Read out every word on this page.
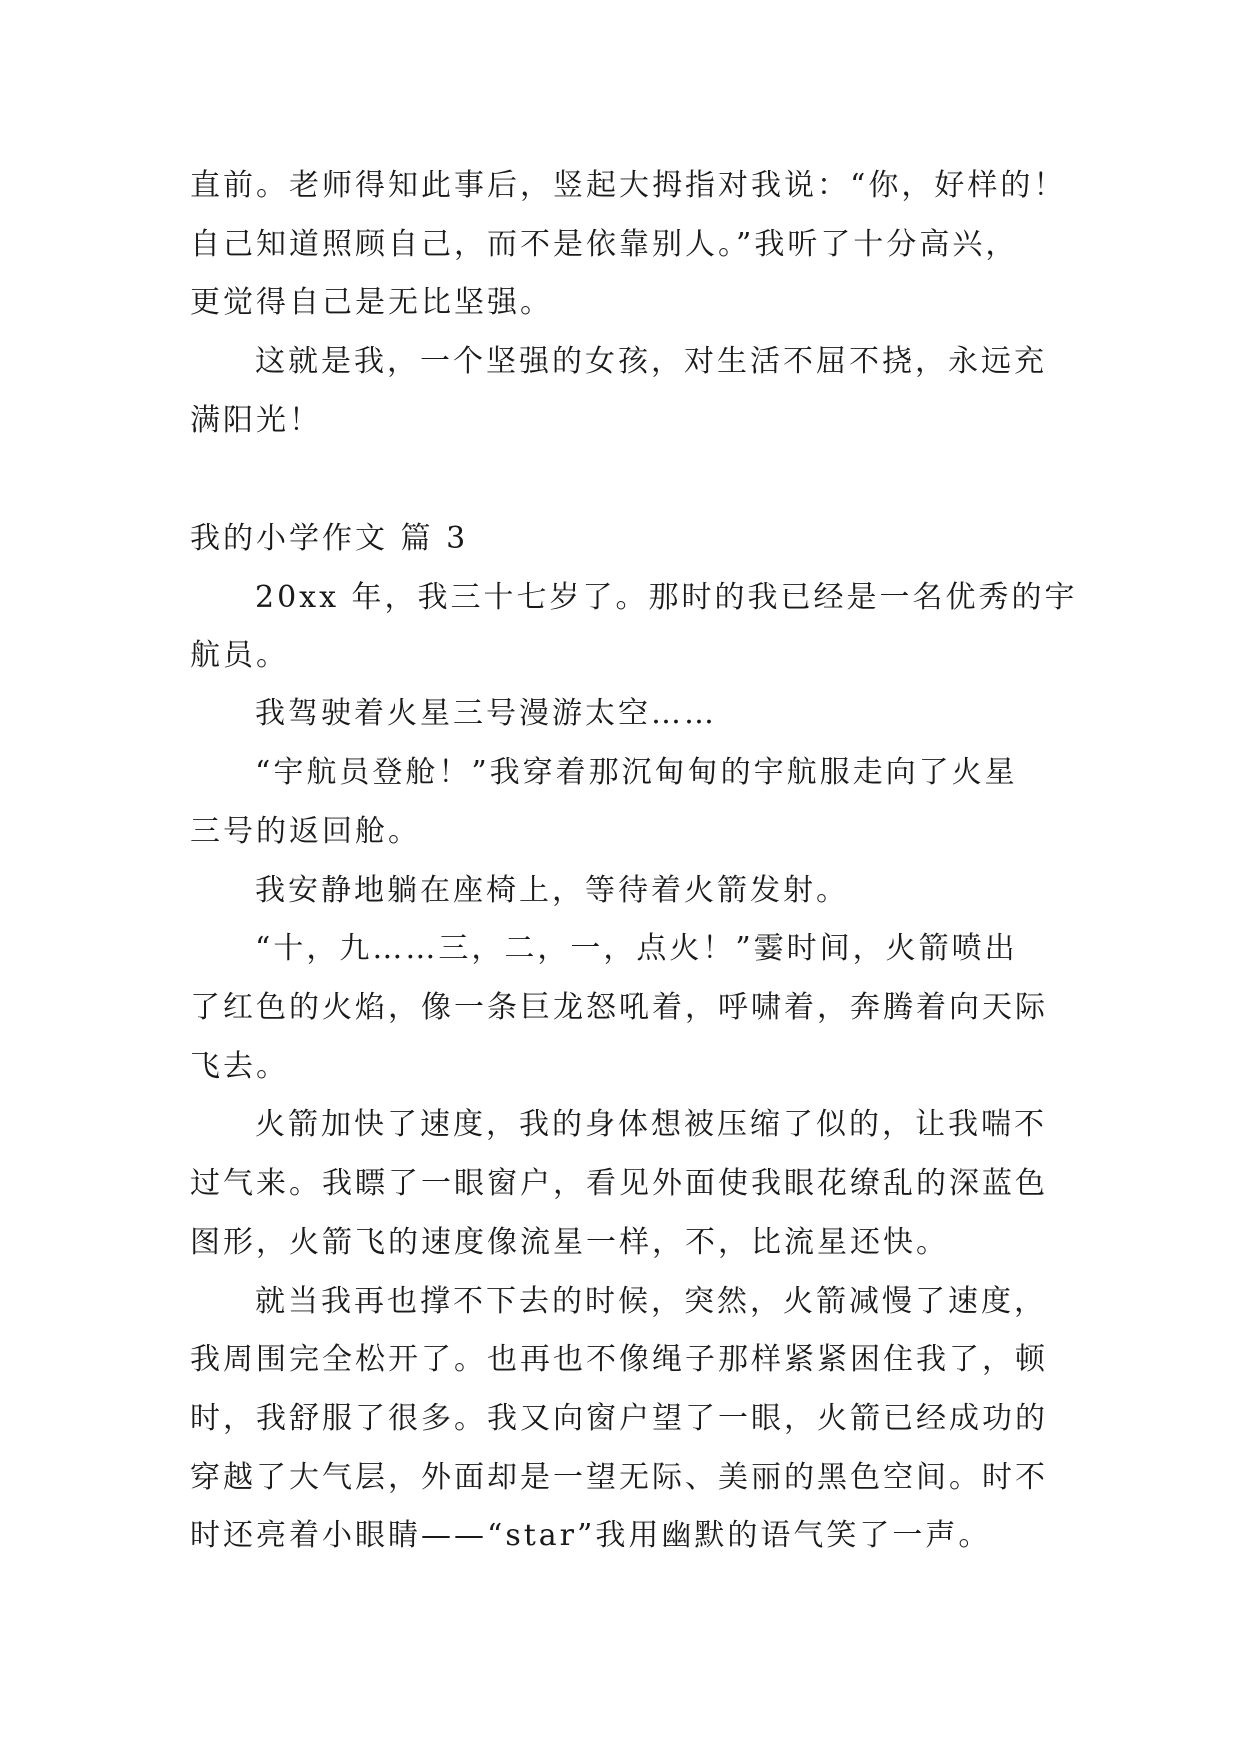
直前。老师得知此事后，竖起大拇指对我说：“你，好样的！
自己知道照顾自己，而不是依靠别人。”我听了十分高兴，
更觉得自己是无比坚强。
这就是我，一个坚强的女孩，对生活不屈不挠，永远充
满阳光！
我的小学作文 篇 3
20xx 年，我三十七岁了。那时的我已经是一名优秀的宇
航员。
我驾驶着火星三号漫游太空……
“宇航员登舱！”我穿着那沉甸甸的宇航服走向了火星
三号的返回舱。
我安静地躺在座椅上，等待着火箭发射。
“十，九……三，二，一，点火！”霎时间，火箭喷出
了红色的火焰，像一条巨龙怒吼着，呼啸着，奔腾着向天际
飞去。
火箭加快了速度，我的身体想被压缩了似的，让我喘不
过气来。我瞟了一眼窗户，看见外面使我眼花缭乱的深蓝色
图形，火箭飞的速度像流星一样，不，比流星还快。
就当我再也撑不下去的时候，突然，火箭减慢了速度，
我周围完全松开了。也再也不像绳子那样紧紧困住我了，顿
时，我舒服了很多。我又向窗户望了一眼，火箭已经成功的
穿越了大气层，外面却是一望无际、美丽的黑色空间。时不
时还亮着小眼睛——“star”我用幽默的语气笑了一声。
